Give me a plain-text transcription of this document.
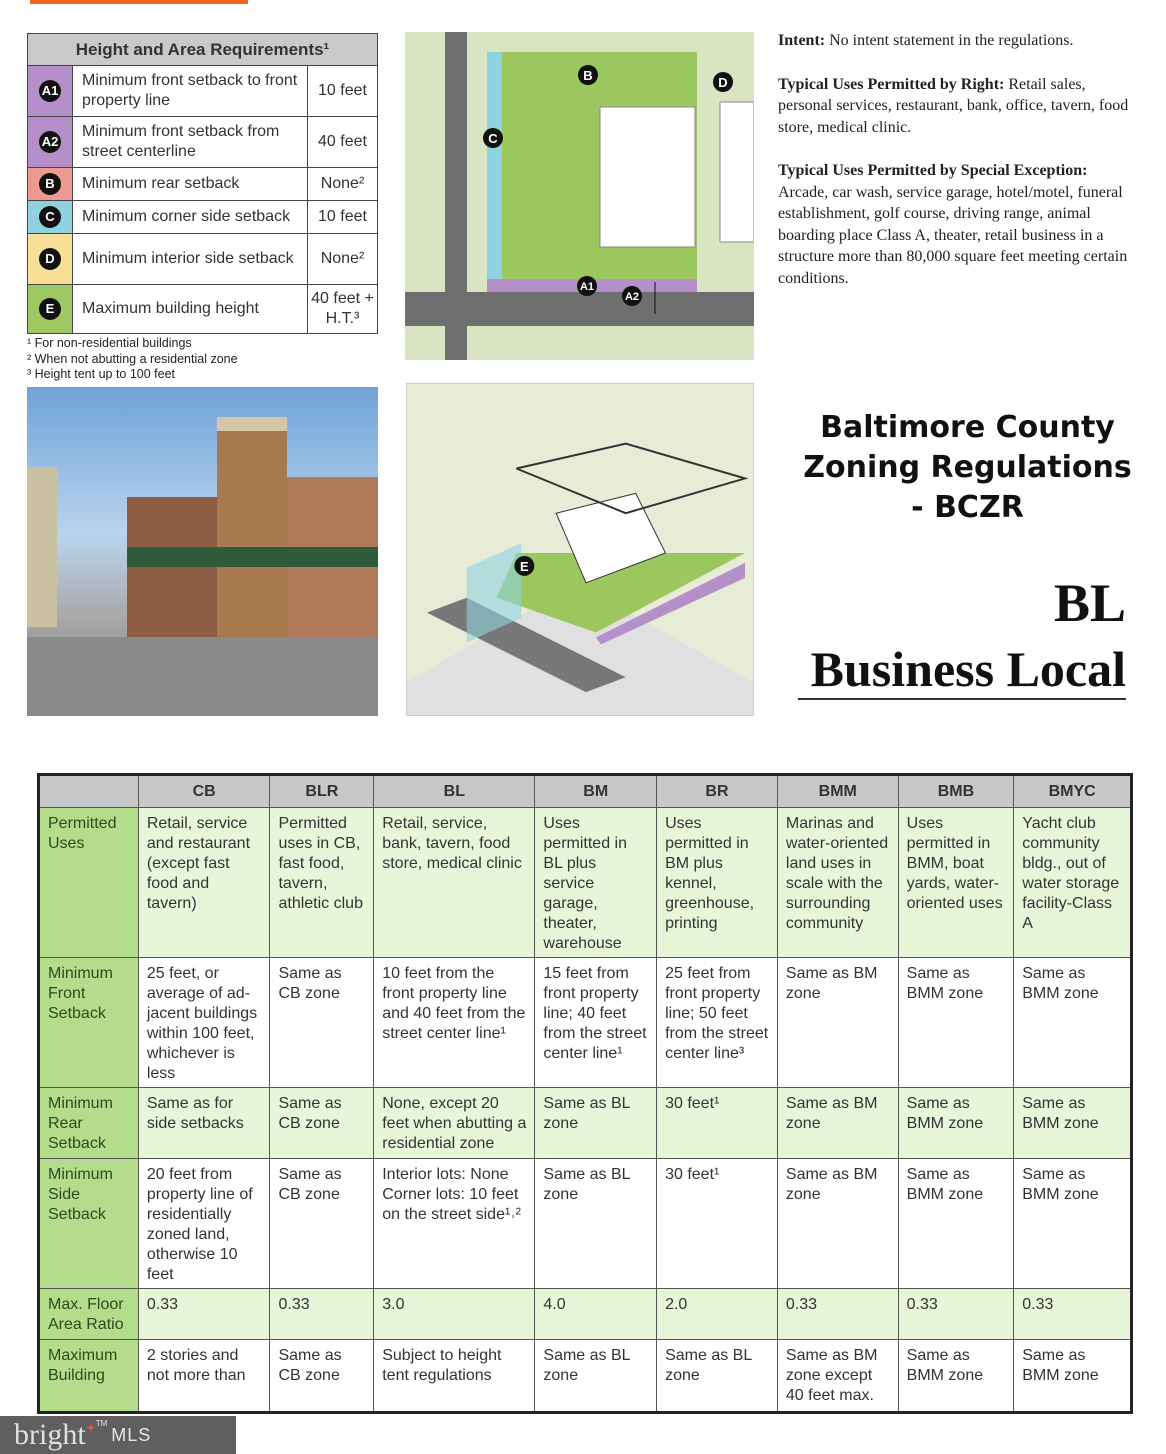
Height and Area Requirements¹		
A1	Minimum front setback to front property line	10 feet
A2	Minimum front setback from street centerline	40 feet
B	Minimum rear setback	None²
C	Minimum corner side setback	10 feet
D	Minimum interior side setback	None²
E	Maximum building height	40 feet + H.T.³
¹ For non-residential buildings
² When not abutting a residential zone
³ Height tent up to 100 feet
B
C
D
A1
A2
E

Intent: No intent statement in the regulations.

Typical Uses Permitted by Right: Retail sales, personal services, restaurant, bank, office, tavern, food store, medical clinic.

Typical Uses Permitted by Special Exception: Arcade, car wash, service garage, hotel/motel, funeral establishment, golf course, driving range, animal boarding place Class A, theater, retail business in a structure more than 80,000 square feet meeting certain conditions.

Baltimore County
Zoning Regulations
- BCZR
BL
Business Local
	CB	BLR	BL	BM	BR	BMM	BMB	BMYC
Permitted Uses	Retail, service and restaurant (except fast food and tavern)	Permitted uses in CB, fast food, tavern, athletic club	Retail, service, bank, tavern, food store, medical clinic	Uses permitted in BL plus service garage, theater, warehouse	Uses permitted in BM plus kennel, greenhouse, printing	Marinas and water-oriented land uses in scale with the surrounding community	Uses permitted in BMM, boat yards, water-oriented uses	Yacht club community bldg., out of water storage facility-Class A
Minimum Front Setback	25 feet, or average of ad-jacent buildings within 100 feet, whichever is less	Same as CB zone	10 feet from the front property line and 40 feet from the street center line¹	15 feet from front property line; 40 feet from the street center line¹	25 feet from front property line; 50 feet from the street center line³	Same as BM zone	Same as BMM zone	Same as BMM zone
Minimum Rear Setback	Same as for side setbacks	Same as CB zone	None, except 20 feet when abutting a residential zone	Same as BL zone	30 feet¹	Same as BM zone	Same as BMM zone	Same as BMM zone
Minimum Side Setback	20 feet from property line of residentially zoned land, otherwise 10 feet	Same as CB zone	Interior lots: None Corner lots: 10 feet on the street side¹˒²	Same as BL zone	30 feet¹	Same as BM zone	Same as BMM zone	Same as BMM zone
Max. Floor Area Ratio	0.33	0.33	3.0	4.0	2.0	0.33	0.33	0.33
Maximum Building	2 stories and not more than	Same as CB zone	Subject to height tent regulations	Same as BL zone	Same as BL zone	Same as BM zone except 40 feet max.	Same as BMM zone	Same as BMM zone
bright ✦ TM
MLS
